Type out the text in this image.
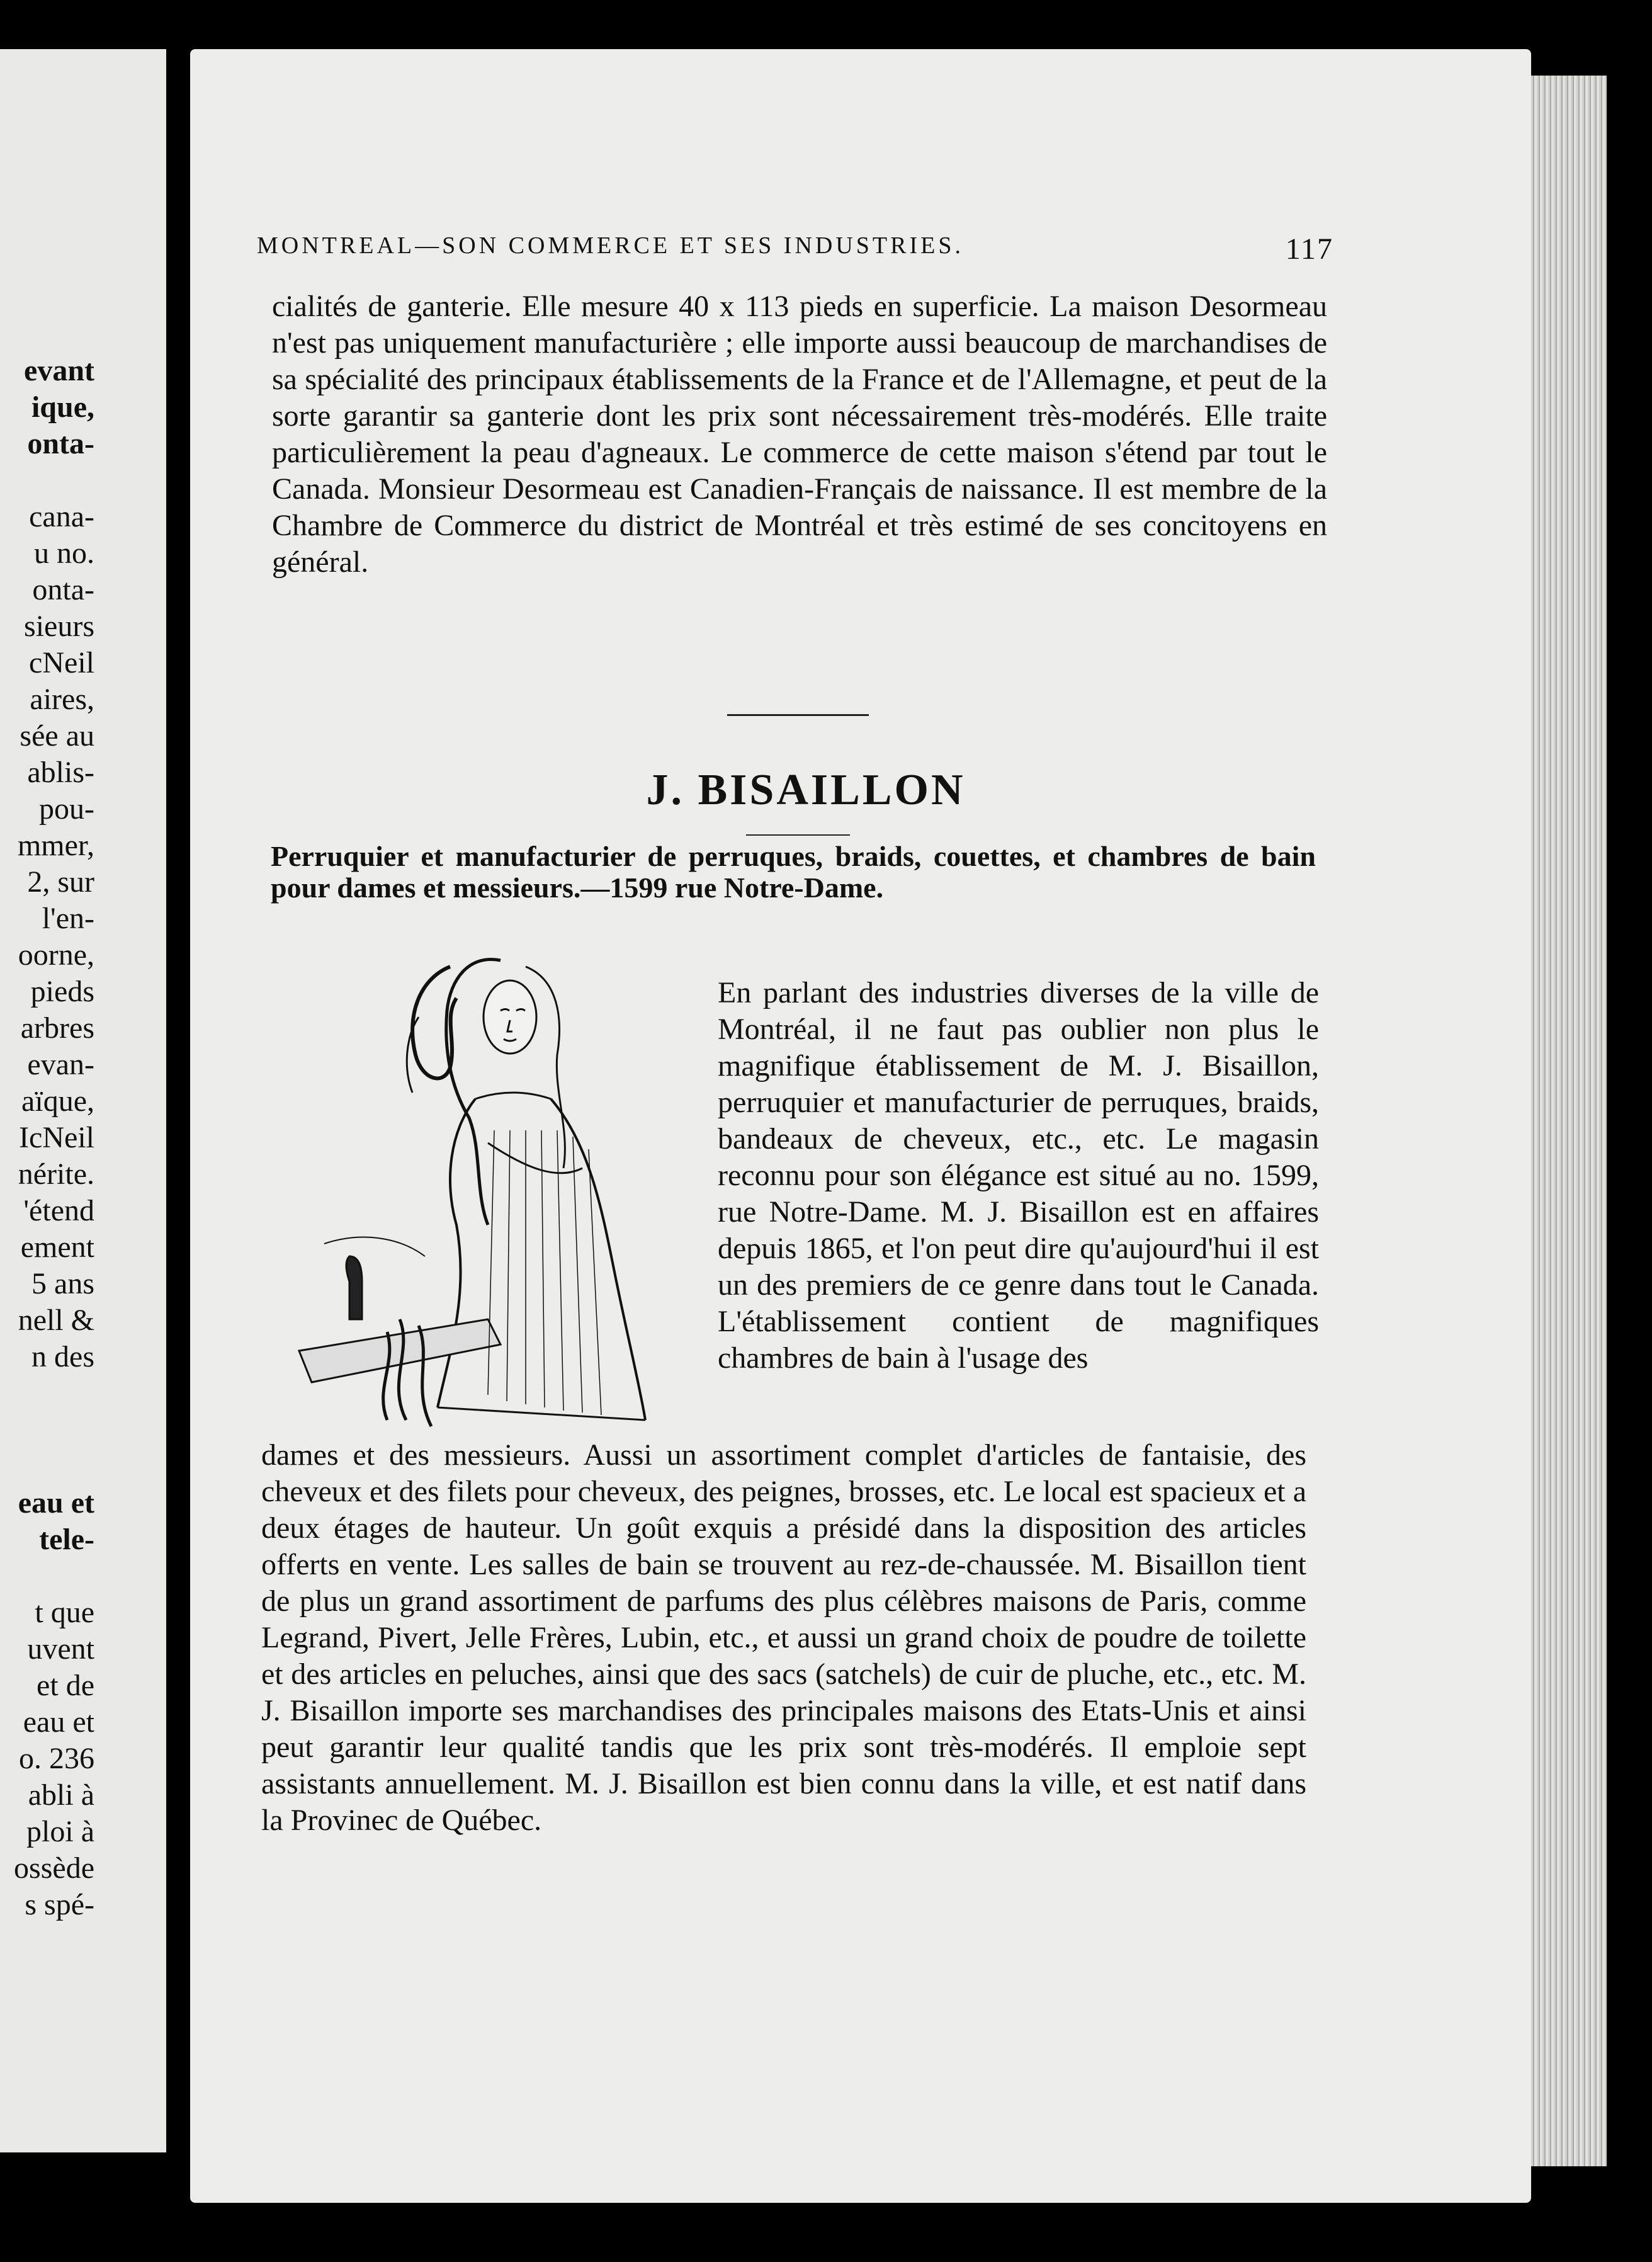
evant
ique,
onta-
cana-
u no.
onta-
sieurs
cNeil
aires,
sée au
ablis-
pou-
mmer,
2, sur
l'en-
oorne,
pieds
arbres
evan-
aïque,
IcNeil
nérite.
'étend
ement
5 ans
nell &
n des
eau et
tele-
t que
uvent
et de
eau et
o. 236
abli à
ploi à
ossède
s spé-
MONTREAL—SON COMMERCE ET SES INDUSTRIES.	117
cialités de ganterie. Elle mesure 40 x 113 pieds en superficie. La maison Desormeau n'est pas uniquement manufacturière ; elle importe aussi beaucoup de marchandises de sa spécialité des principaux établissements de la France et de l'Allemagne, et peut de la sorte garantir sa ganterie dont les prix sont nécessairement très-modérés. Elle traite particulièrement la peau d'agneaux. Le commerce de cette maison s'étend par tout le Canada. Monsieur Desormeau est Canadien-Français de naissance. Il est membre de la Chambre de Commerce du district de Montréal et très estimé de ses concitoyens en général.
J. BISAILLON
Perruquier et manufacturier de perruques, braids, couettes, et chambres de bain pour dames et messieurs.—1599 rue Notre-Dame.
En parlant des industries diverses de la ville de Montréal, il ne faut pas oublier non plus le magnifique établissement de M. J. Bisaillon, perruquier et manufacturier de perruques, braids, bandeaux de cheveux, etc., etc. Le magasin reconnu pour son élégance est situé au no. 1599, rue Notre-Dame. M. J. Bisaillon est en affaires depuis 1865, et l'on peut dire qu'aujourd'hui il est un des premiers de ce genre dans tout le Canada. L'établissement contient de magnifiques chambres de bain à l'usage des
dames et des messieurs. Aussi un assortiment complet d'articles de fantaisie, des cheveux et des filets pour cheveux, des peignes, brosses, etc. Le local est spacieux et a deux étages de hauteur. Un goût exquis a présidé dans la disposition des articles offerts en vente. Les salles de bain se trouvent au rez-de-chaussée. M. Bisaillon tient de plus un grand assortiment de parfums des plus célèbres maisons de Paris, comme Legrand, Pivert, Jelle Frères, Lubin, etc., et aussi un grand choix de poudre de toilette et des articles en peluches, ainsi que des sacs (satchels) de cuir de pluche, etc., etc. M. J. Bisaillon importe ses marchandises des principales maisons des Etats-Unis et ainsi peut garantir leur qualité tandis que les prix sont très-modérés. Il emploie sept assistants annuellement. M. J. Bisaillon est bien connu dans la ville, et est natif dans la Provinec de Québec.
